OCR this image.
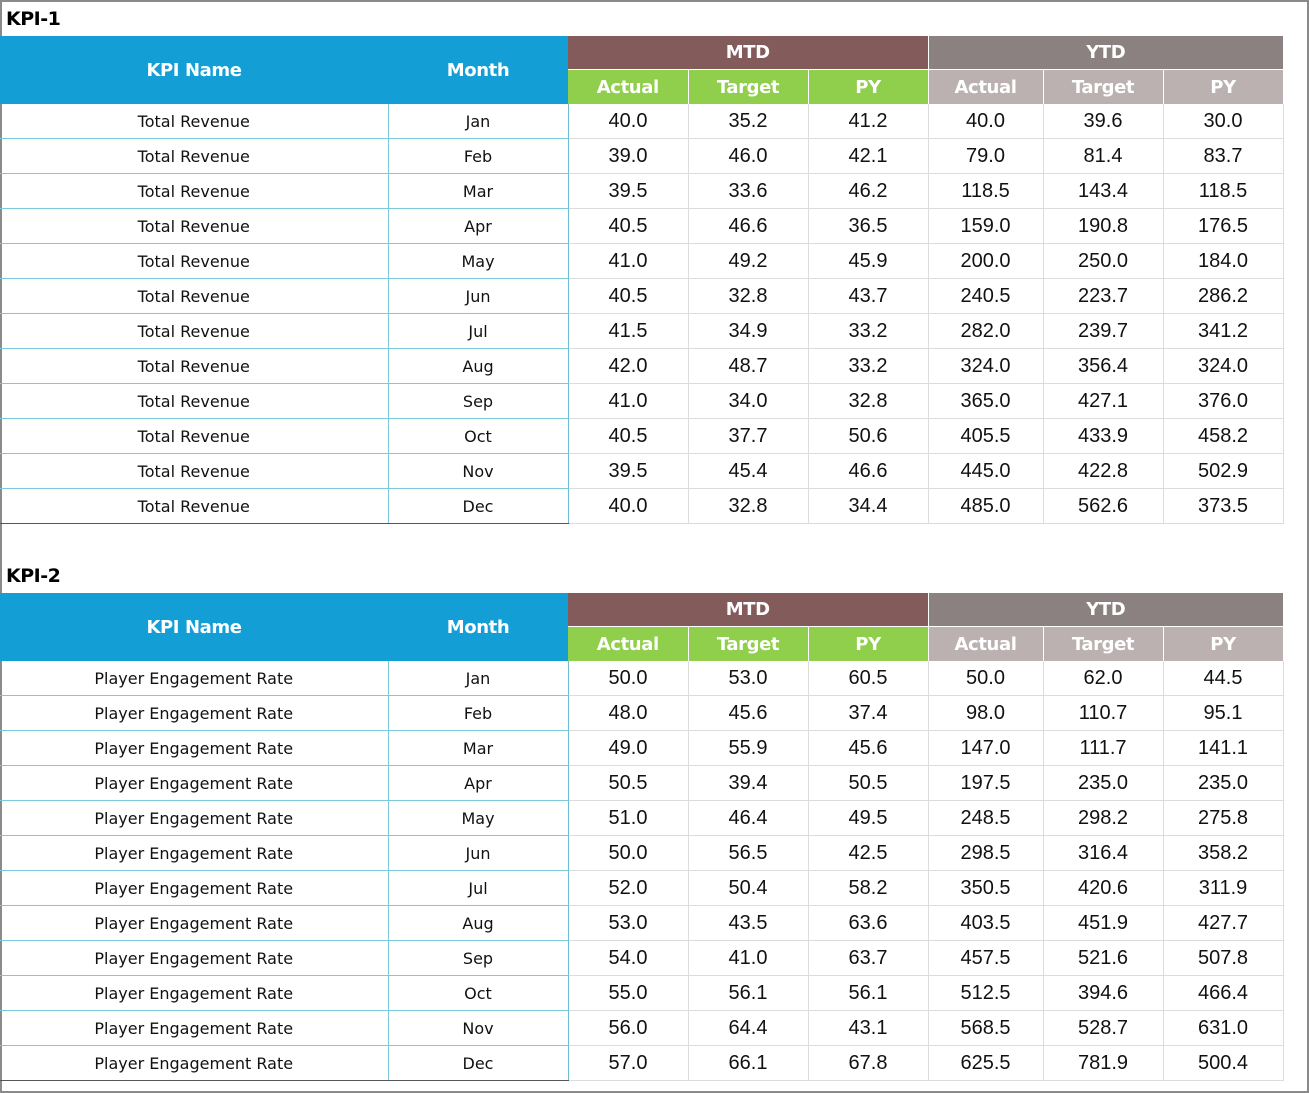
KPI-1
KPI Name	Month	MTD			YTD		
		Actual	Target	PY	Actual	Target	PY
Total Revenue	Jan	40.0	35.2	41.2	40.0	39.6	30.0
Total Revenue	Feb	39.0	46.0	42.1	79.0	81.4	83.7
Total Revenue	Mar	39.5	33.6	46.2	118.5	143.4	118.5
Total Revenue	Apr	40.5	46.6	36.5	159.0	190.8	176.5
Total Revenue	May	41.0	49.2	45.9	200.0	250.0	184.0
Total Revenue	Jun	40.5	32.8	43.7	240.5	223.7	286.2
Total Revenue	Jul	41.5	34.9	33.2	282.0	239.7	341.2
Total Revenue	Aug	42.0	48.7	33.2	324.0	356.4	324.0
Total Revenue	Sep	41.0	34.0	32.8	365.0	427.1	376.0
Total Revenue	Oct	40.5	37.7	50.6	405.5	433.9	458.2
Total Revenue	Nov	39.5	45.4	46.6	445.0	422.8	502.9
Total Revenue	Dec	40.0	32.8	34.4	485.0	562.6	373.5
KPI-2
KPI Name	Month	MTD			YTD		
		Actual	Target	PY	Actual	Target	PY
Player Engagement Rate	Jan	50.0	53.0	60.5	50.0	62.0	44.5
Player Engagement Rate	Feb	48.0	45.6	37.4	98.0	110.7	95.1
Player Engagement Rate	Mar	49.0	55.9	45.6	147.0	111.7	141.1
Player Engagement Rate	Apr	50.5	39.4	50.5	197.5	235.0	235.0
Player Engagement Rate	May	51.0	46.4	49.5	248.5	298.2	275.8
Player Engagement Rate	Jun	50.0	56.5	42.5	298.5	316.4	358.2
Player Engagement Rate	Jul	52.0	50.4	58.2	350.5	420.6	311.9
Player Engagement Rate	Aug	53.0	43.5	63.6	403.5	451.9	427.7
Player Engagement Rate	Sep	54.0	41.0	63.7	457.5	521.6	507.8
Player Engagement Rate	Oct	55.0	56.1	56.1	512.5	394.6	466.4
Player Engagement Rate	Nov	56.0	64.4	43.1	568.5	528.7	631.0
Player Engagement Rate	Dec	57.0	66.1	67.8	625.5	781.9	500.4
